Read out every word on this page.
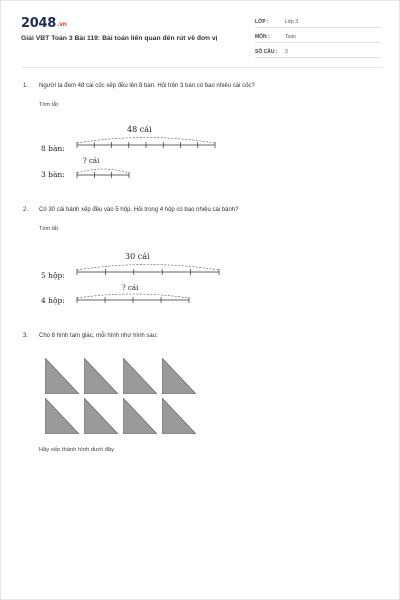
2048.vn
Giải VBT Toán 3 Bài 119: Bài toán liên quan đến rút về đơn vị
LỚP :	Lớp 3
MÔN :	Toán
SỐ CÂU : 3
1. Người ta đem 48 cái cốc xếp đều lên 8 bàn. Hỏi trên 3 bàn có bao nhiêu cái cốc?
Tóm tắt
48 cái
8 bàn:
? cái
3 bàn:
30 cái
5 hộp:
? cái
4 hộp:
2. Có 30 cái bánh xếp đều vào 5 hộp. Hỏi trong 4 hộp có bao nhiêu cái bánh?
Tóm tắt
3. Cho 8 hình tam giác, mỗi hình như hình sau:
Hãy xếp thành hình dưới đây
